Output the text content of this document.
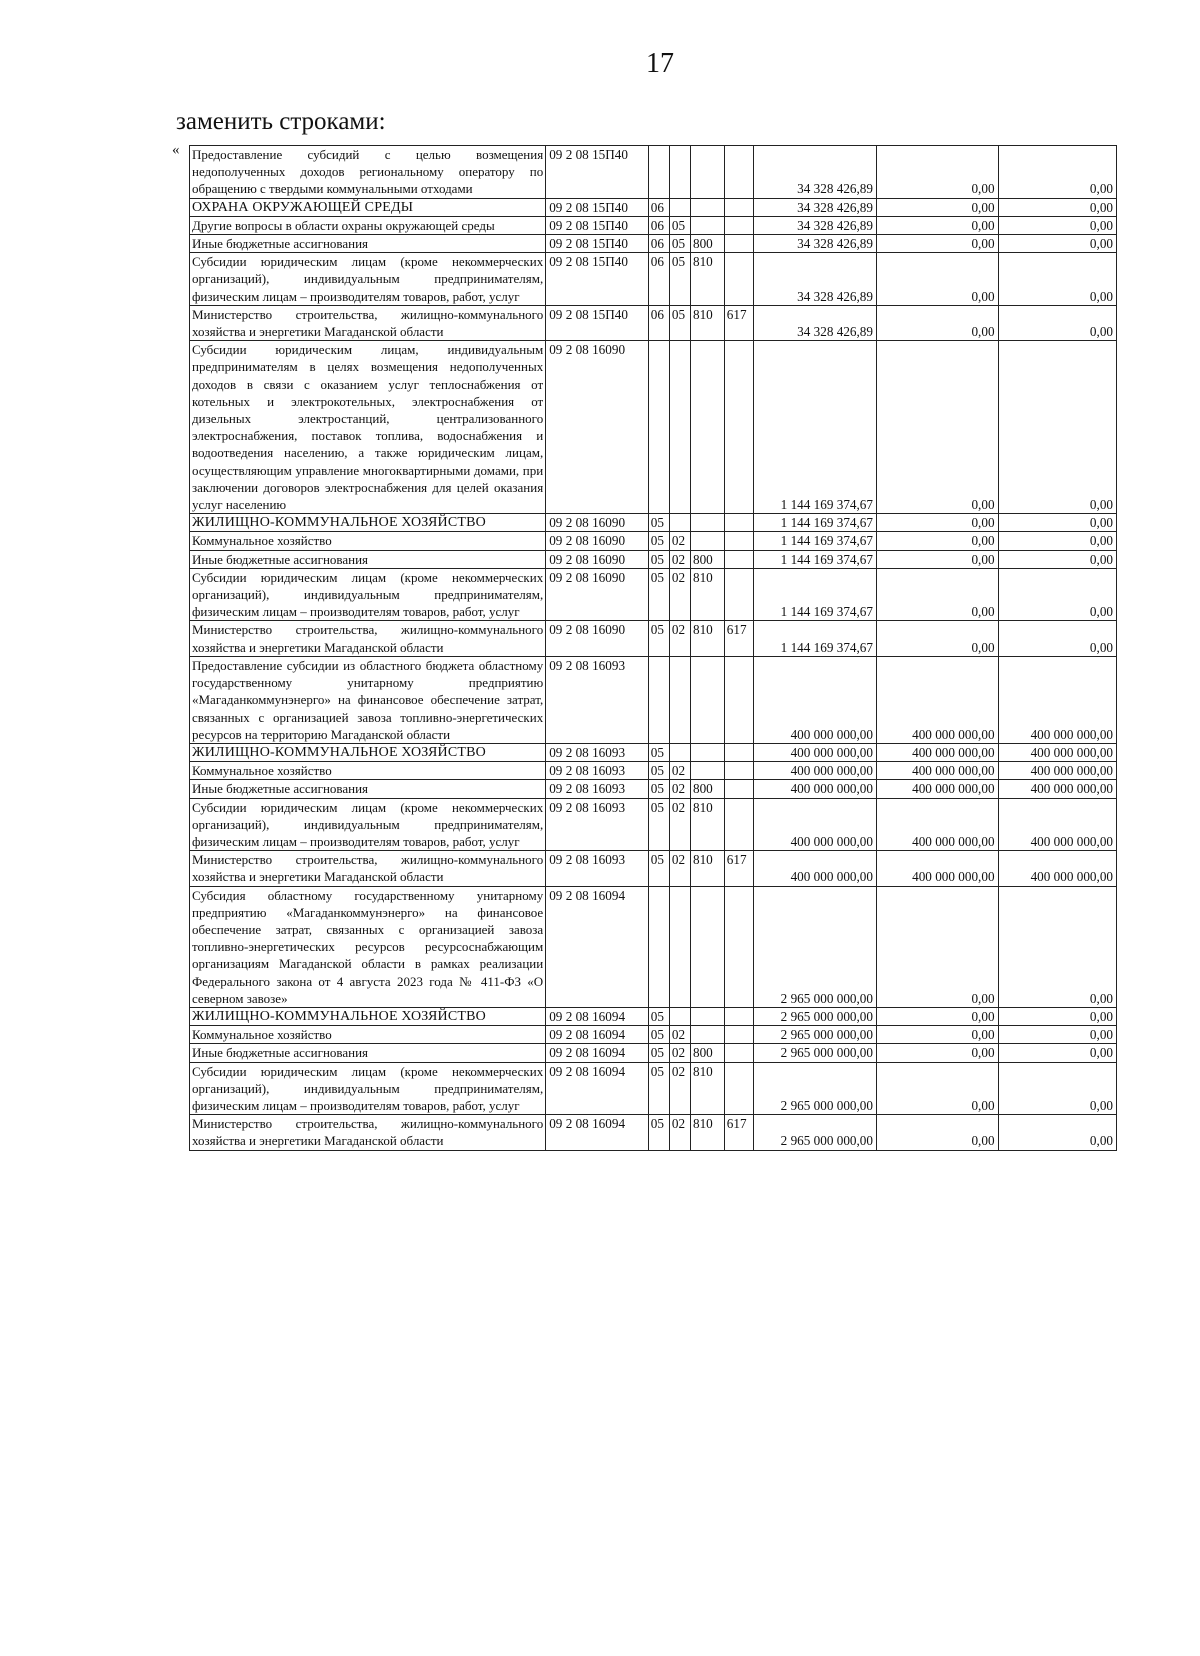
17
заменить строками:
« Предоставление субсидий с целью возмещения недополученных доходов региональному оператору по обращению с твердыми коммунальными отходами	09 2 08 15П40					34 328 426,89	0,00	0,00
ОХРАНА ОКРУЖАЮЩЕЙ СРЕДЫ	09 2 08 15П40	06				34 328 426,89	0,00	0,00
Другие вопросы в области охраны окружающей среды	09 2 08 15П40	06	05			34 328 426,89	0,00	0,00
Иные бюджетные ассигнования	09 2 08 15П40	06	05	800		34 328 426,89	0,00	0,00
Субсидии юридическим лицам (кроме некоммерческих организаций), индивидуальным предпринимателям, физическим лицам – производителям товаров, работ, услуг	09 2 08 15П40	06	05	810		34 328 426,89	0,00	0,00
Министерство строительства, жилищно-коммунального хозяйства и энергетики Магаданской области	09 2 08 15П40	06	05	810	617	34 328 426,89	0,00	0,00
Субсидии юридическим лицам, индивидуальным предпринимателям в целях возмещения недополученных доходов в связи с оказанием услуг теплоснабжения от котельных и электрокотельных, электроснабжения от дизельных электростанций, централизованного электроснабжения, поставок топлива, водоснабжения и водоотведения населению, а также юридическим лицам, осуществляющим управление многоквартирными домами, при заключении договоров электроснабжения для целей оказания услуг населению	09 2 08 16090					1 144 169 374,67	0,00	0,00
ЖИЛИЩНО-КОММУНАЛЬНОЕ ХОЗЯЙСТВО	09 2 08 16090	05				1 144 169 374,67	0,00	0,00
Коммунальное хозяйство	09 2 08 16090	05	02			1 144 169 374,67	0,00	0,00
Иные бюджетные ассигнования	09 2 08 16090	05	02	800		1 144 169 374,67	0,00	0,00
Субсидии юридическим лицам (кроме некоммерческих организаций), индивидуальным предпринимателям, физическим лицам – производителям товаров, работ, услуг	09 2 08 16090	05	02	810		1 144 169 374,67	0,00	0,00
Министерство строительства, жилищно-коммунального хозяйства и энергетики Магаданской области	09 2 08 16090	05	02	810	617	1 144 169 374,67	0,00	0,00
Предоставление субсидии из областного бюджета областному государственному унитарному предприятию «Магаданкоммунэнерго» на финансовое обеспечение затрат, связанных с организацией завоза топливно-энергетических ресурсов на территорию Магаданской области	09 2 08 16093					400 000 000,00	400 000 000,00	400 000 000,00
ЖИЛИЩНО-КОММУНАЛЬНОЕ ХОЗЯЙСТВО	09 2 08 16093	05				400 000 000,00	400 000 000,00	400 000 000,00
Коммунальное хозяйство	09 2 08 16093	05	02			400 000 000,00	400 000 000,00	400 000 000,00
Иные бюджетные ассигнования	09 2 08 16093	05	02	800		400 000 000,00	400 000 000,00	400 000 000,00
Субсидии юридическим лицам (кроме некоммерческих организаций), индивидуальным предпринимателям, физическим лицам – производителям товаров, работ, услуг	09 2 08 16093	05	02	810		400 000 000,00	400 000 000,00	400 000 000,00
Министерство строительства, жилищно-коммунального хозяйства и энергетики Магаданской области	09 2 08 16093	05	02	810	617	400 000 000,00	400 000 000,00	400 000 000,00
Субсидия областному государственному унитарному предприятию «Магаданкоммунэнерго» на финансовое обеспечение затрат, связанных с организацией завоза топливно-энергетических ресурсов ресурсоснабжающим организациям Магаданской области в рамках реализации Федерального закона от 4 августа 2023 года № 411-ФЗ «О северном завозе»	09 2 08 16094					2 965 000 000,00	0,00	0,00
ЖИЛИЩНО-КОММУНАЛЬНОЕ ХОЗЯЙСТВО	09 2 08 16094	05				2 965 000 000,00	0,00	0,00
Коммунальное хозяйство	09 2 08 16094	05	02			2 965 000 000,00	0,00	0,00
Иные бюджетные ассигнования	09 2 08 16094	05	02	800		2 965 000 000,00	0,00	0,00
Субсидии юридическим лицам (кроме некоммерческих организаций), индивидуальным предпринимателям, физическим лицам – производителям товаров, работ, услуг	09 2 08 16094	05	02	810		2 965 000 000,00	0,00	0,00
Министерство строительства, жилищно-коммунального хозяйства и энергетики Магаданской области	09 2 08 16094	05	02	810	617	2 965 000 000,00	0,00	0,00
